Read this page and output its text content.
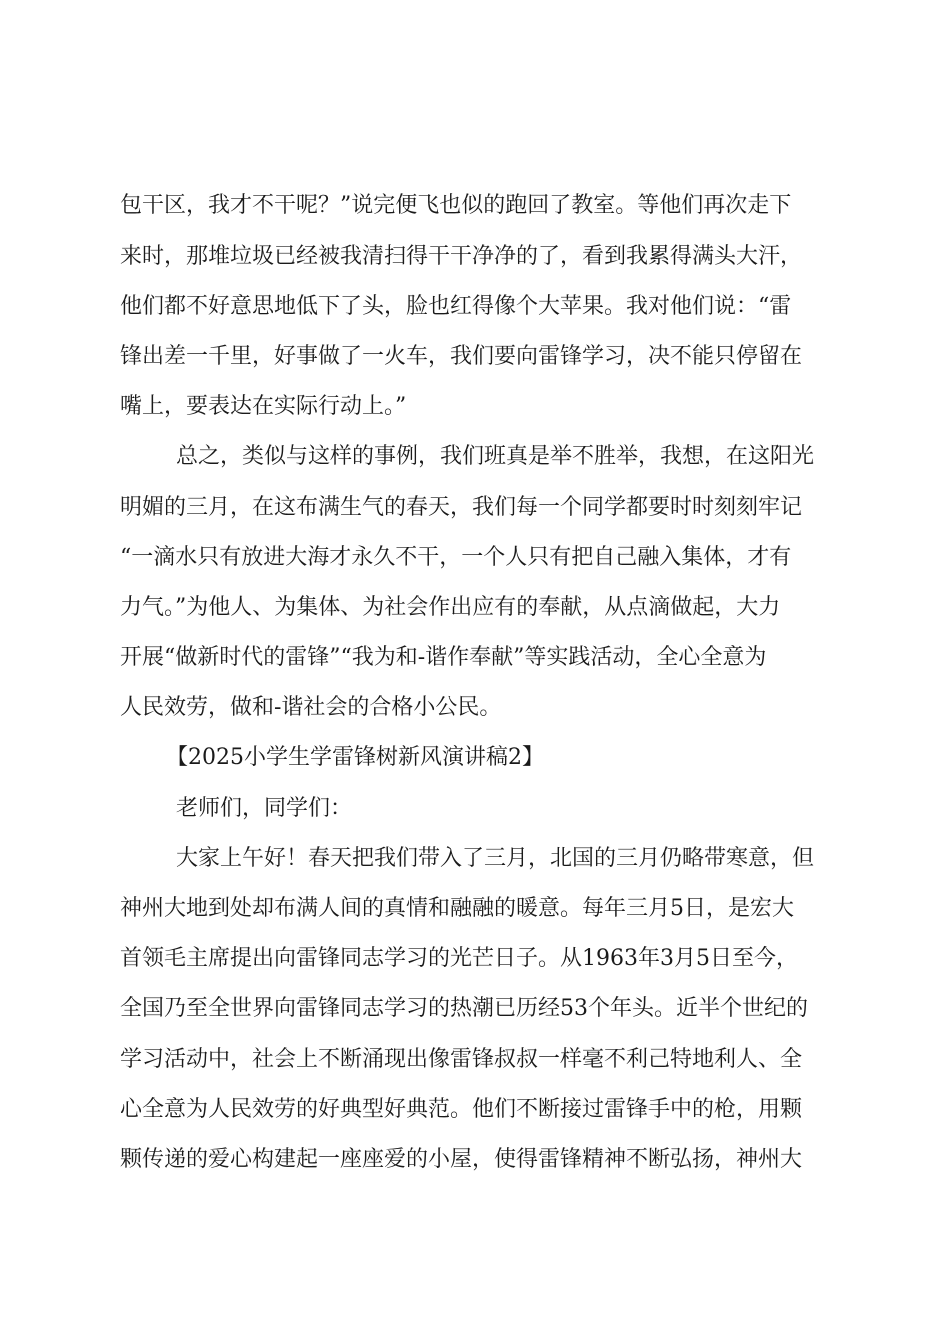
包干区，我才不干呢？”说完便飞也似的跑回了教室。等他们再次走下
来时，那堆垃圾已经被我清扫得干干净净的了，看到我累得满头大汗，
他们都不好意思地低下了头，脸也红得像个大苹果。我对他们说：“雷
锋出差一千里，好事做了一火车，我们要向雷锋学习，决不能只停留在
嘴上，要表达在实际行动上。”
总之，类似与这样的事例，我们班真是举不胜举，我想，在这阳光
明媚的三月，在这布满生气的春天，我们每一个同学都要时时刻刻牢记
“一滴水只有放进大海才永久不干，一个人只有把自己融入集体，才有
力气。”为他人、为集体、为社会作出应有的奉献，从点滴做起，大力
开展“做新时代的雷锋”“我为和-谐作奉献”等实践活动，全心全意为
人民效劳，做和-谐社会的合格小公民。
【2025小学生学雷锋树新风演讲稿2】
老师们，同学们：
大家上午好！春天把我们带入了三月，北国的三月仍略带寒意，但
神州大地到处却布满人间的真情和融融的暖意。每年三月5日，是宏大
首领毛主席提出向雷锋同志学习的光芒日子。从1963年3月5日至今，
全国乃至全世界向雷锋同志学习的热潮已历经53个年头。近半个世纪的
学习活动中，社会上不断涌现出像雷锋叔叔一样毫不利己特地利人、全
心全意为人民效劳的好典型好典范。他们不断接过雷锋手中的枪，用颗
颗传递的爱心构建起一座座爱的小屋，使得雷锋精神不断弘扬，神州大
